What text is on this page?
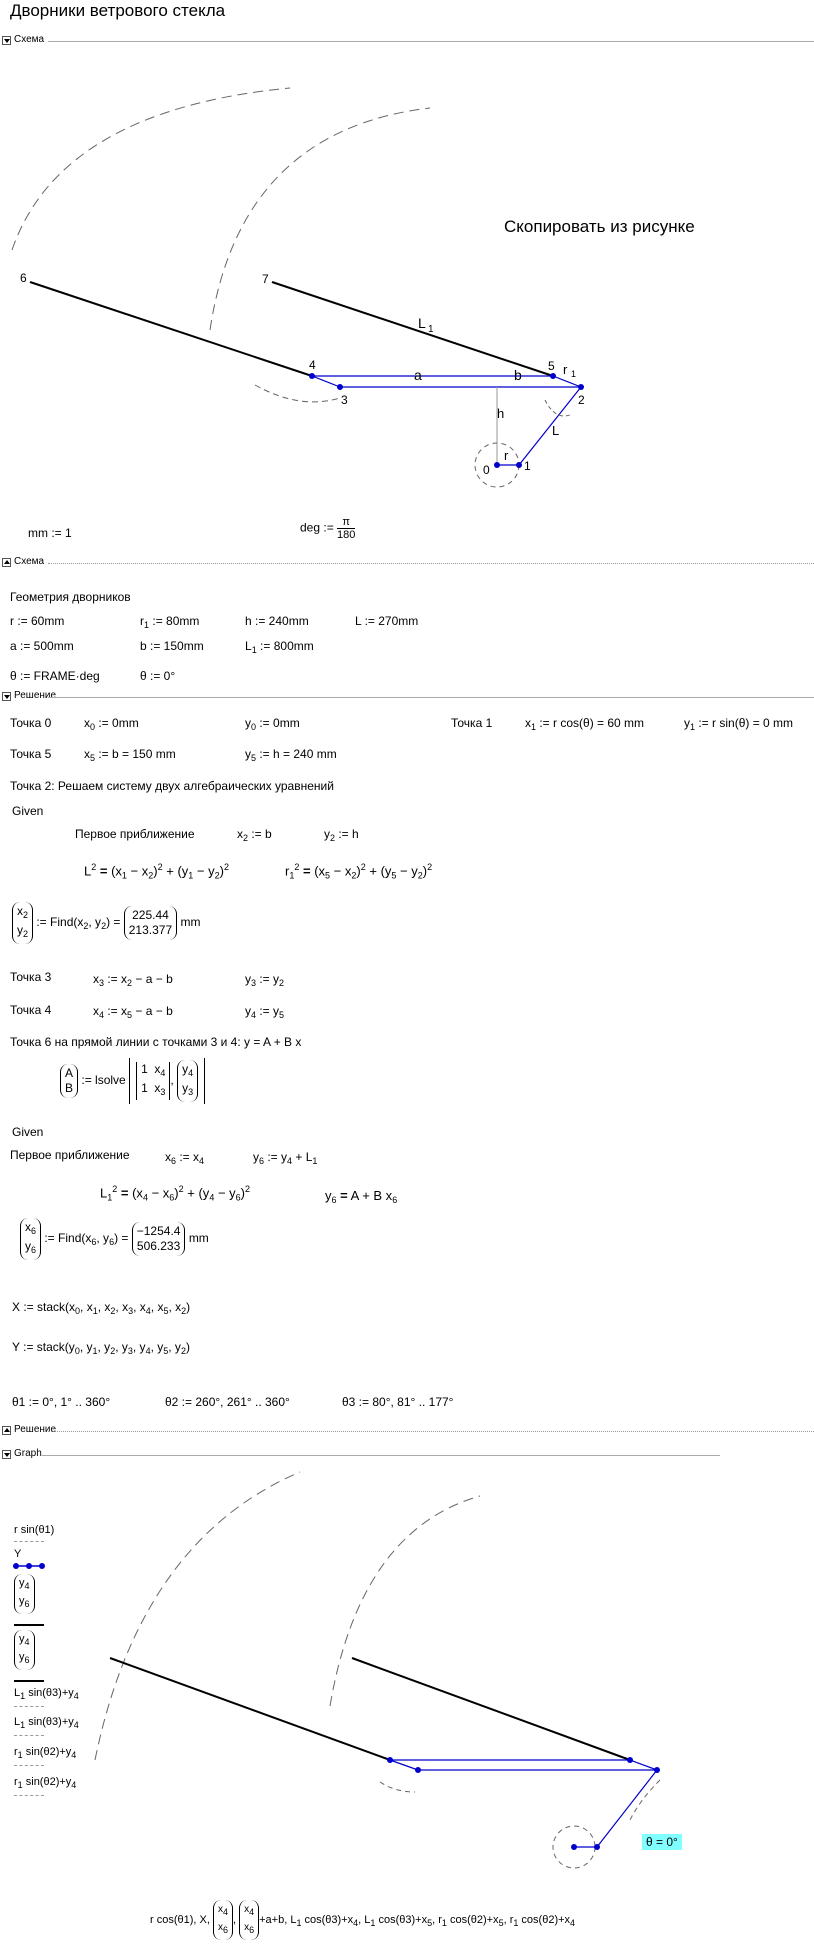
Дворники ветрового стекла
Схема
6	7
4
3
5
2
0	1
L 1
a	b	r 1
h
L
r
Скопировать из рисунке
mm := 1	deg := $\frac{\pi}{180}$
Схема
Геометрия дворников
r := 60mm	$r_1$ := 80mm	h := 240mm	L := 270mm
a := 500mm	b := 150mm	$L_1$ := 800mm
θ := FRAME·deg	θ := 0°
Решение
Точка 0	$x_0$ := 0mm	$y_0$ := 0mm	Точка 1	$x_1$ := r cos(θ) = 60 mm	$y_1$ := r sin(θ) = 0 mm
Точка 5	$x_5$ := b = 150 mm	$y_5$ := h = 240 mm
Точка 2: Решаем систему двух алгебраических уравнений
Given
Первое приближение	$x_2$ := b	$y_2$ := h
$L^2 = (x_1 - x_2)^2 + (y_1 - y_2)^2$	$r_1^2 = (x_5 - x_2)^2 + (y_5 - y_2)^2$
$x_2$
$y_2$ := $Find(x_2$, $y_2) = 225.44$
213.377 mm
Точка 3	$x_3$ := $x_2 - a - b$	$y_3$ := $y_2$
Точка 4	$x_4$ := $x_5 - a - b$	$y_4$ := $y_5$
Точка 6 на прямой линии с точками 3 и 4: y = A + B x
A
B := lsolve 1  $x_4$
1  $x_3$, $y_4$
$y_3$
Given
Первое приближение	$x_6$ := $x_4$	$y_6$ := $y_4 + L_1$
$L_1^2 = (x_4 - x_6)^2 + (y_4 - y_6)^2$	$y_6 = A + B$ $x_6$
$x_6$
$y_6$ := $Find(x_6$, $y_6) = -1254.4$
506.233 mm
X := $stack(x_0$, $x_1$, $x_2$, $x_3$, $x_4$, $x_5$, $x_2$)
Y := $stack(y_0$, $y_1$, $y_2$, $y_3$, $y_4$, $y_5$, $y_2$)
θ1 := 0°, 1° .. 360°	θ2 := 260°, 261° .. 360°	θ3 := 80°, 81° .. 177°
Решение
Graph
r sin(θ1)
Y
$y_4$
$y_6$
$y_4$
$y_6$
$L_1$ $\sin(\theta 3)+y_4$
$L_1$ $\sin(\theta 3)+y_4$
$r_1$ $\sin(\theta 2)+y_4$
$r_1$ $\sin(\theta 2)+y_4$
θ = 0°
r cos(θ1), X, $x_4$
$x_6$, $x_4$
$x_6+a+b$, $L_1$ $\cos(\theta 3)+x_4$, $L_1$ $\cos(\theta 3)+x_5$, $r_1$ $\cos(\theta 2)+x_5$, $r_1$ $\cos(\theta 2)+x_4$
